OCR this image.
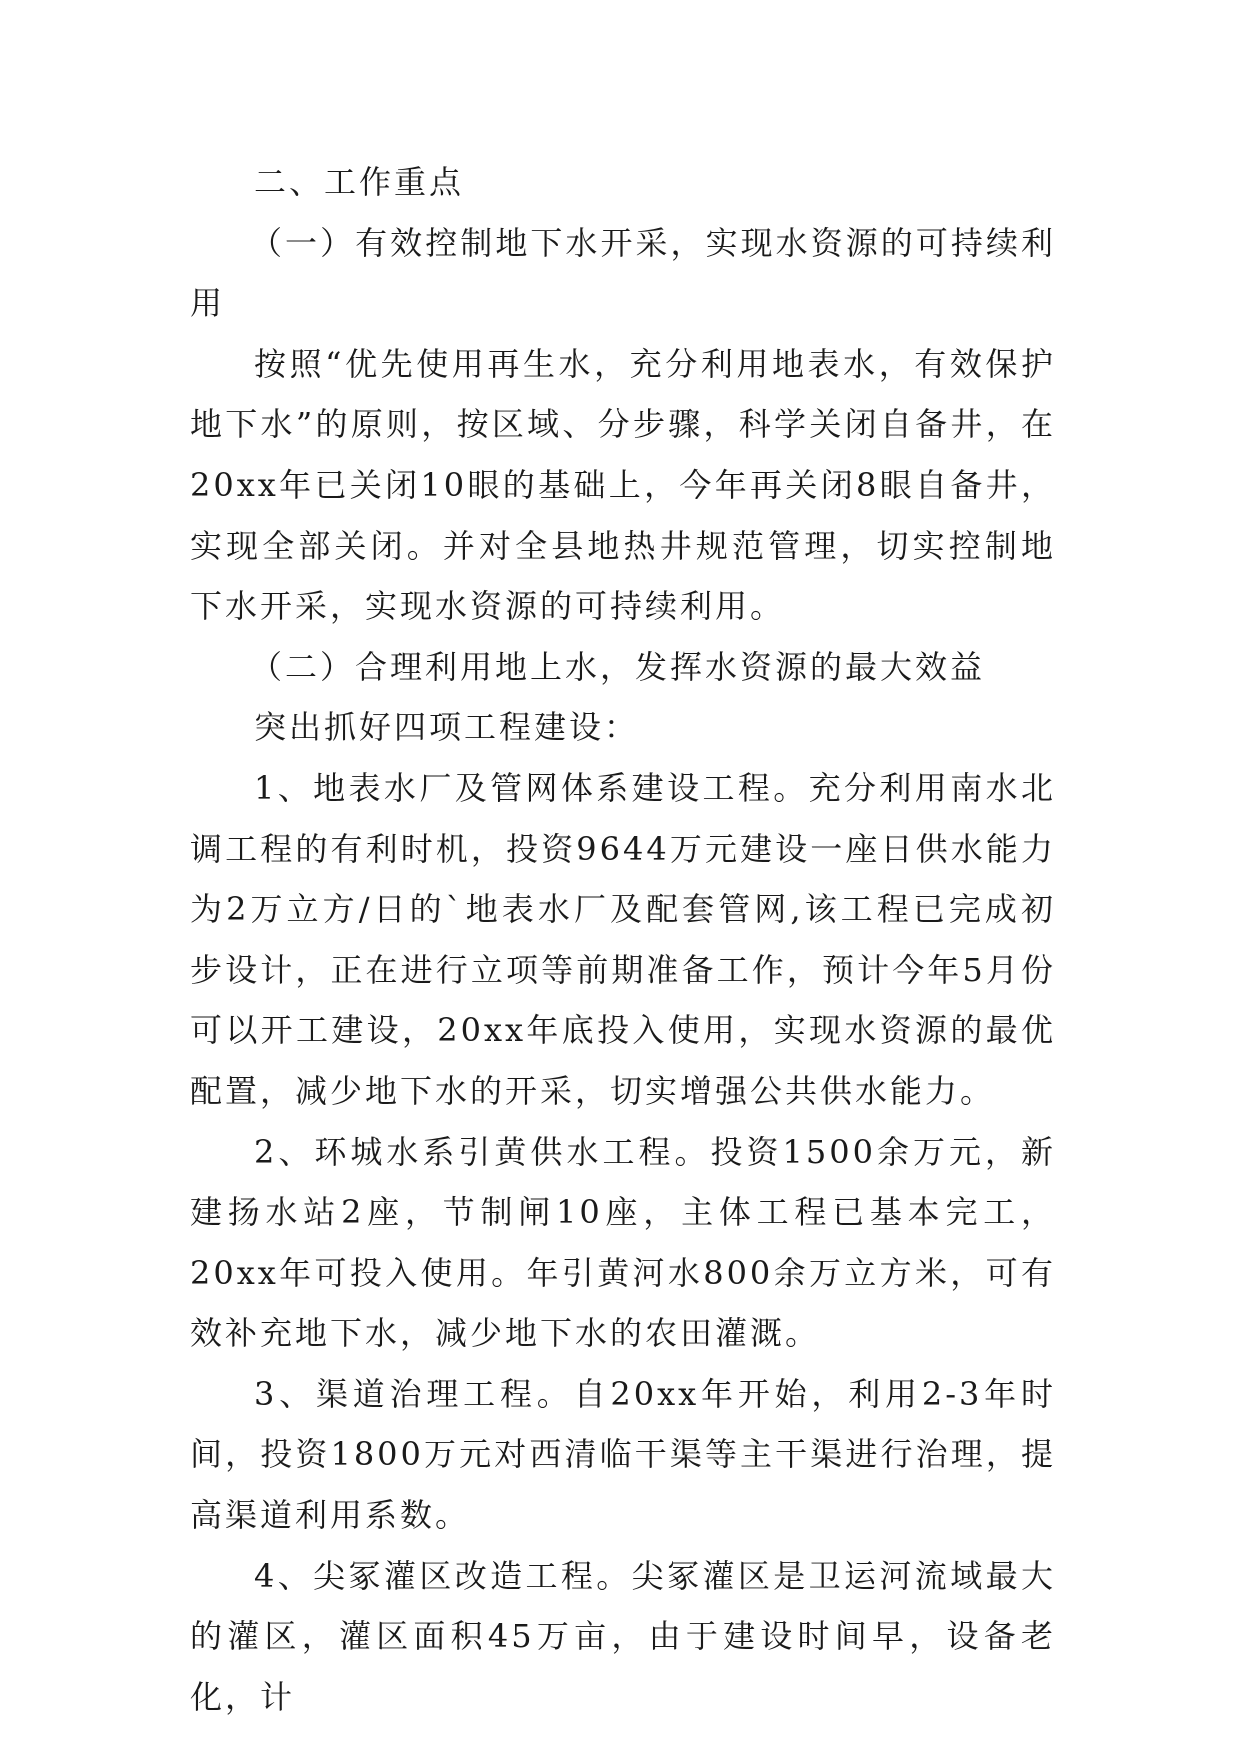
二、工作重点

（一）有效控制地下水开采，实现水资源的可持续利用

按照“优先使用再生水，充分利用地表水，有效保护地下水”的原则，按区域、分步骤，科学关闭自备井，在20xx年已关闭10眼的基础上，今年再关闭8眼自备井，实现全部关闭。并对全县地热井规范管理，切实控制地下水开采，实现水资源的可持续利用。

（二）合理利用地上水，发挥水资源的最大效益

突出抓好四项工程建设：

1、地表水厂及管网体系建设工程。充分利用南水北调工程的有利时机，投资9644万元建设一座日供水能力为2万立方/日的`地表水厂及配套管网,该工程已完成初步设计，正在进行立项等前期准备工作，预计今年5月份可以开工建设，20xx年底投入使用，实现水资源的最优配置，减少地下水的开采，切实增强公共供水能力。

2、环城水系引黄供水工程。投资1500余万元，新建扬水站2座，节制闸10座，主体工程已基本完工，20xx年可投入使用。年引黄河水800余万立方米，可有效补充地下水，减少地下水的农田灌溉。

3、渠道治理工程。自20xx年开始，利用2-3年时间，投资1800万元对西清临干渠等主干渠进行治理，提高渠道利用系数。

4、尖冢灌区改造工程。尖冢灌区是卫运河流域最大的灌区，灌区面积45万亩，由于建设时间早，设备老化，计
